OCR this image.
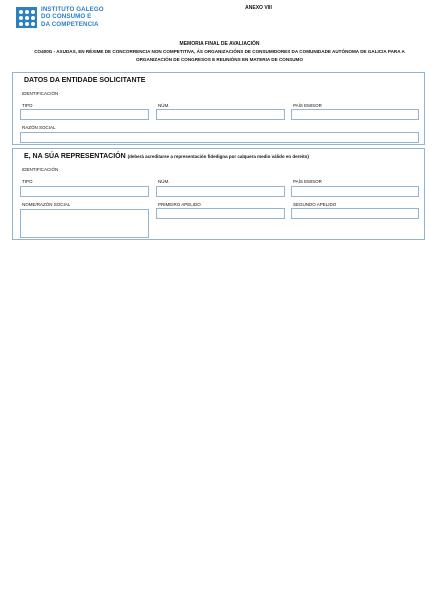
INSTITUTO GALEGO
DO CONSUMO E
DA COMPETENCIA
ANEXO VIII
MEMORIA FINAL DE AVALIACIÓN
CO400G - AXUDAS, EN RÉXIME DE CONCORRENCIA NON COMPETITIVA, ÁS ORGANIZACIÓNS DE CONSUMIDORES DA COMUNIDADE AUTÓNOMA DE GALICIA PARA A
ORGANIZACIÓN DE CONGRESOS E REUNIÓNS EN MATERIA DE CONSUMO
DATOS DA ENTIDADE SOLICITANTE
IDENTIFICACIÓN
TIPO	NÚM.	PAÍS EMISOR
RAZÓN SOCIAL
E, NA SÚA REPRESENTACIÓN (deberá acreditarse a representación fidedigna por calquera medio válido en dereito)
IDENTIFICACIÓN
TIPO	NÚM.	PAÍS EMISOR
NOME/RAZÓN SOCIAL	PRIMEIRO APELIDO	SEGUNDO APELIDO
